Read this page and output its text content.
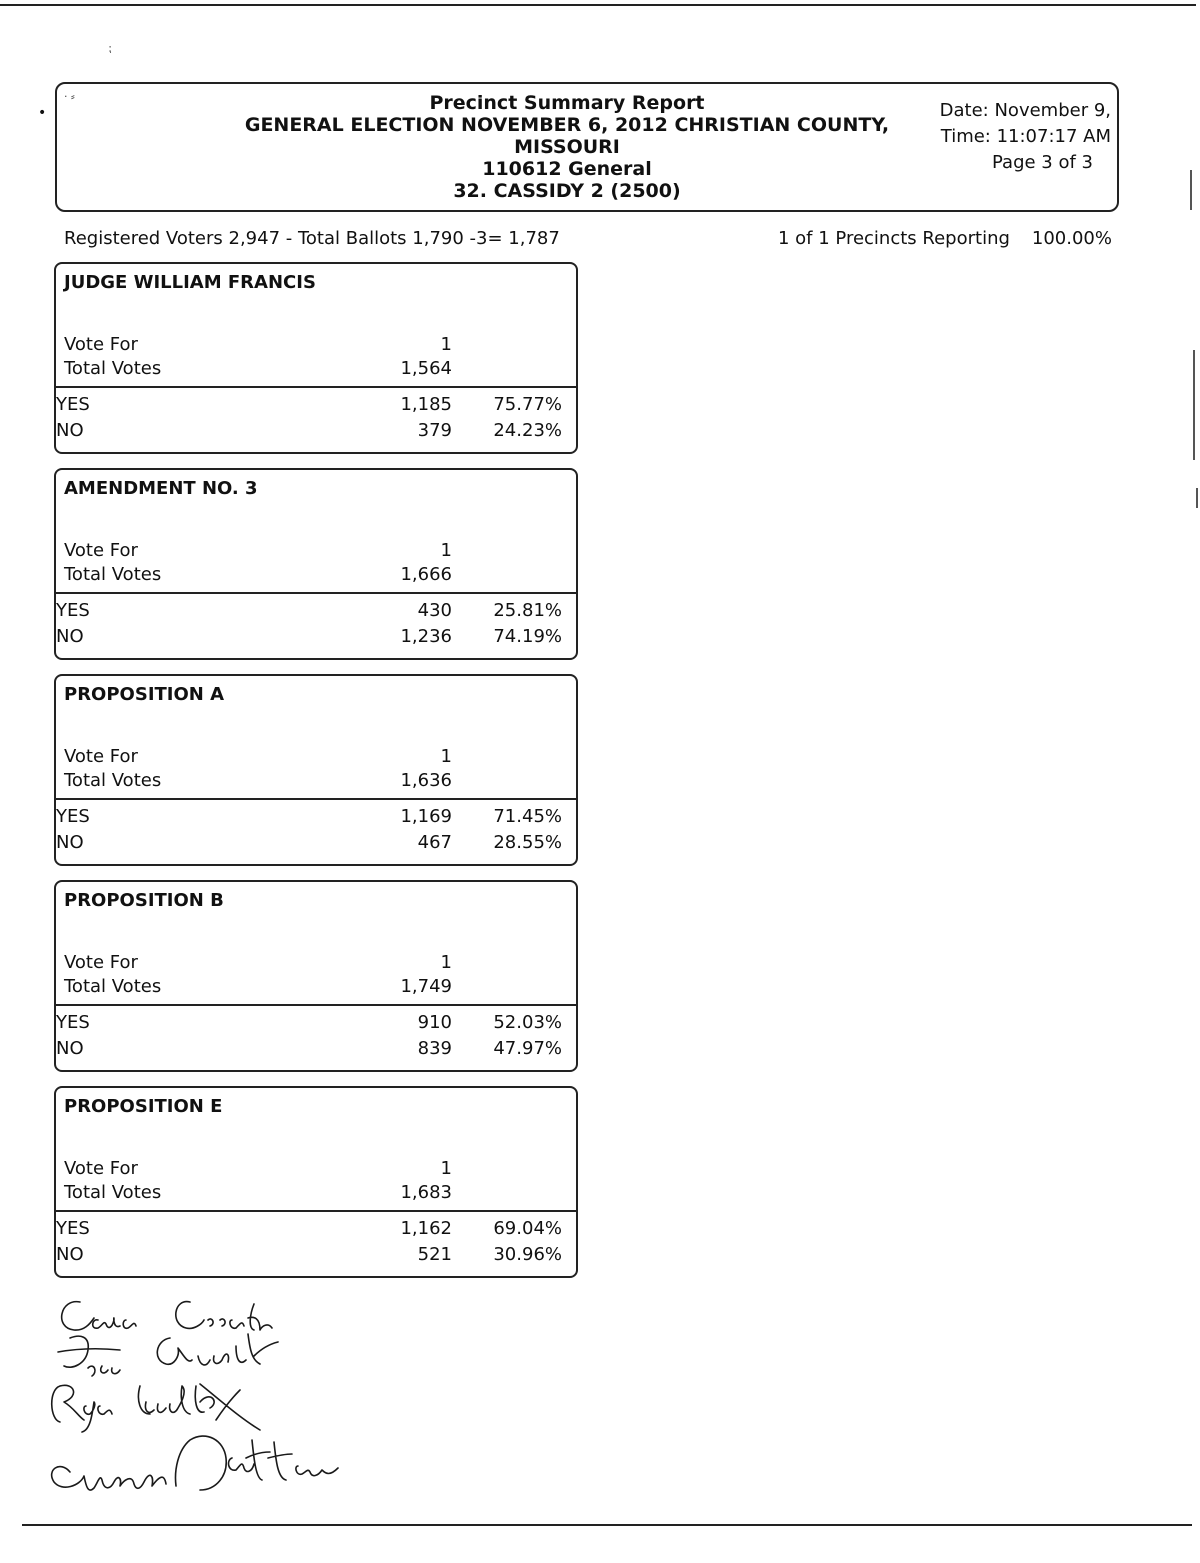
⁏
•
· ⸗	Precinct Summary Report
GENERAL ELECTION NOVEMBER 6, 2012 CHRISTIAN COUNTY,
MISSOURI
110612 General
32. CASSIDY 2 (2500)
Date: November 9,
Time: 11:07:17 AM
Page 3 of 3
Registered Voters 2,947 - Total Ballots 1,790 -3= 1,787	1 of 1 Precincts Reporting 100.00%
JUDGE WILLIAM FRANCIS
Vote For	1
Total Votes	1,564
YES	1,185 75.77%
NO	379 24.23%
AMENDMENT NO. 3
Vote For	1
Total Votes	1,666
YES	430 25.81%
NO	1,236 74.19%
PROPOSITION A
Vote For	1
Total Votes	1,636
YES	1,169 71.45%
NO	467 28.55%
PROPOSITION B
Vote For	1
Total Votes	1,749
YES	910 52.03%
NO	839 47.97%
PROPOSITION E
Vote For	1
Total Votes	1,683
YES	1,162 69.04%
NO	521 30.96%
